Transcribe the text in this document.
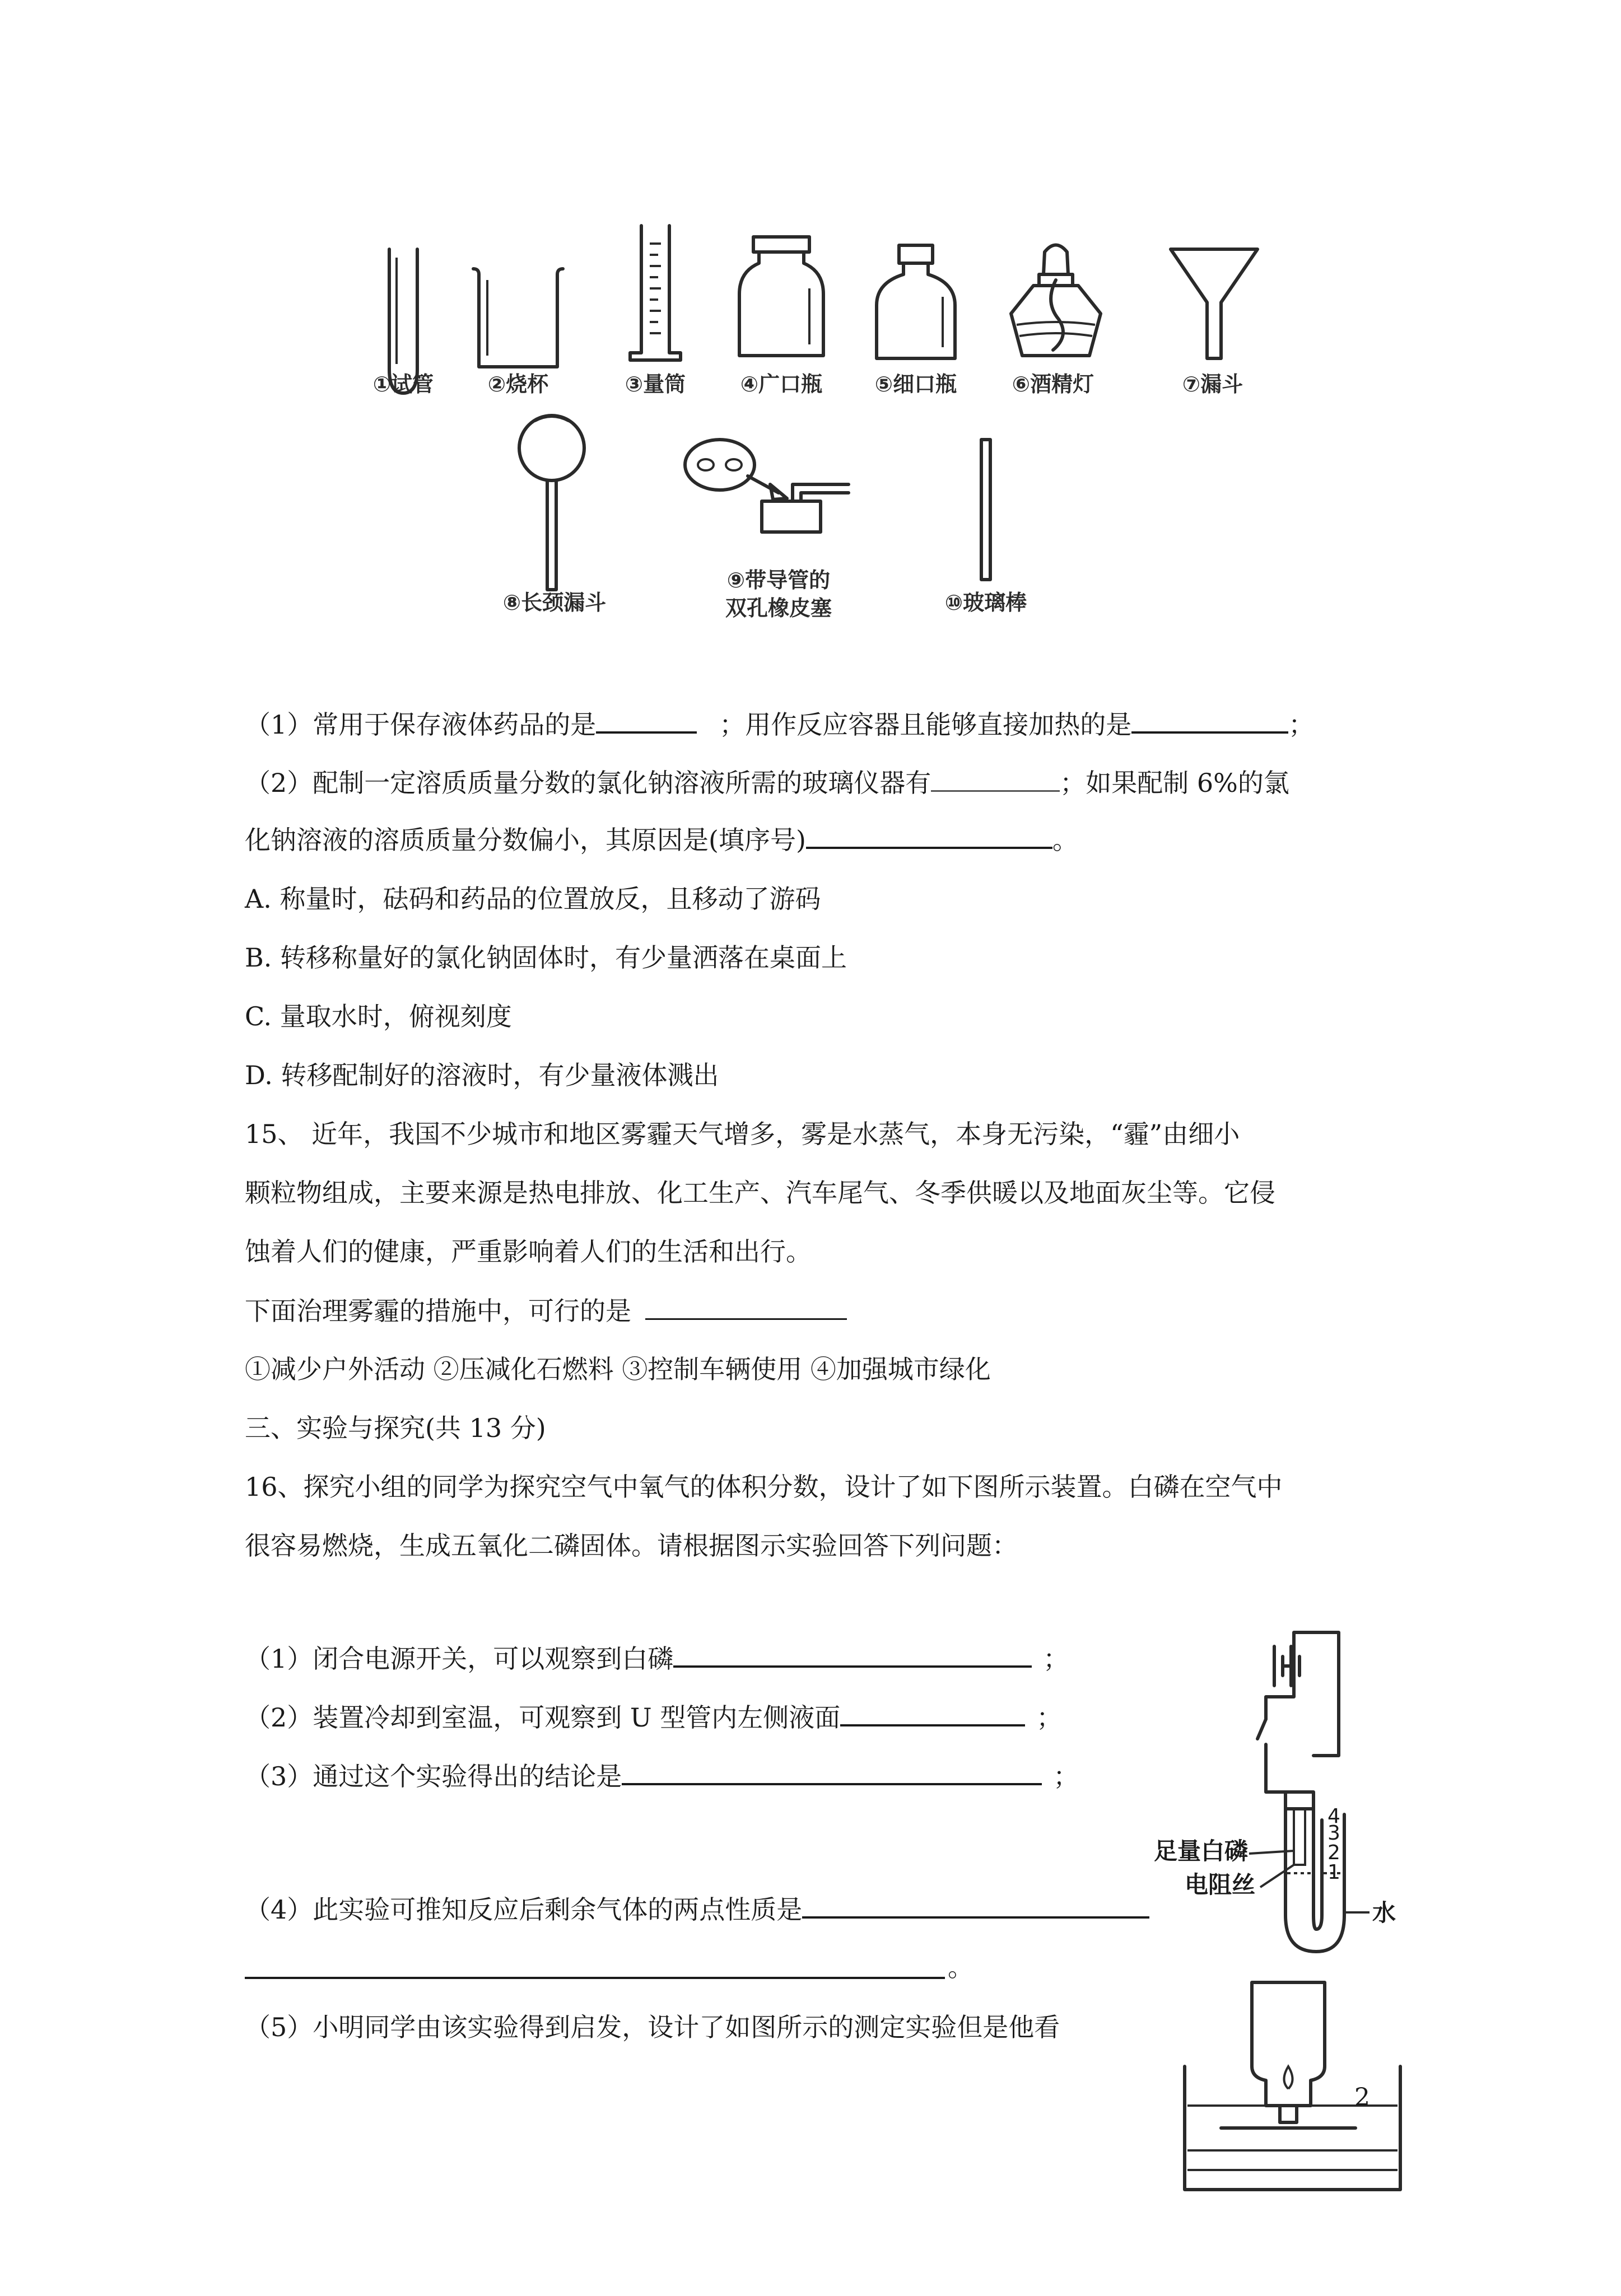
①试管	②烧杯	③量筒	④广口瓶	⑤细口瓶	⑥酒精灯	⑦漏斗
⑧长颈漏斗
⑨带导管的
双孔橡皮塞	⑩玻璃棒
（1）常用于保存液体药品的是	；用作反应容器且能够直接加热的是	；
（2）配制一定溶质质量分数的氯化钠溶液所需的玻璃仪器有	；如果配制 6%的氯
化钠溶液的溶质质量分数偏小，其原因是(填序号)	。
A. 称量时，砝码和药品的位置放反，且移动了游码
B. 转移称量好的氯化钠固体时，有少量洒落在桌面上
C. 量取水时，俯视刻度
D. 转移配制好的溶液时，有少量液体溅出
15、 近年，我国不少城市和地区雾霾天气增多，雾是水蒸气，本身无污染，“霾”由细小
颗粒物组成，主要来源是热电排放、化工生产、汽车尾气、冬季供暖以及地面灰尘等。它侵
蚀着人们的健康，严重影响着人们的生活和出行。
下面治理雾霾的措施中，可行的是
①减少户外活动 ②压减化石燃料 ③控制车辆使用 ④加强城市绿化
三、实验与探究(共 13 分)
16、探究小组的同学为探究空气中氧气的体积分数，设计了如下图所示装置。白磷在空气中
很容易燃烧，生成五氧化二磷固体。请根据图示实验回答下列问题：
（1）闭合电源开关，可以观察到白磷	；
（2）装置冷却到室温，可观察到 U 型管内左侧液面	；
（3）通过这个实验得出的结论是	；
（4）此实验可推知反应后剩余气体的两点性质是
。
（5）小明同学由该实验得到启发，设计了如图所示的测定实验但是他看
4
3
2
1
足量白磷
电阻丝
水
2
